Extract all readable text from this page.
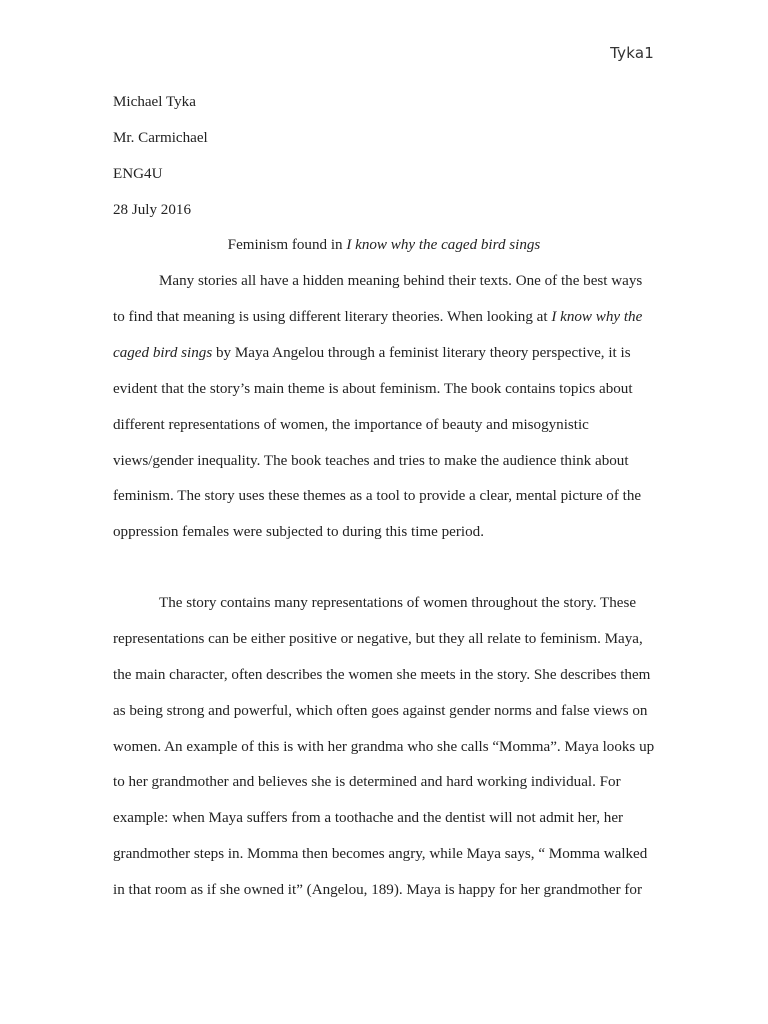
Tyka1
Michael Tyka
Mr. Carmichael
ENG4U
28 July 2016
Feminism found in I know why the caged bird sings
Many stories all have a hidden meaning behind their texts. One of the best ways
to find that meaning is using different literary theories. When looking at I know why the
caged bird sings by Maya Angelou through a feminist literary theory perspective, it is
evident that the story’s main theme is about feminism. The book contains topics about
different representations of women, the importance of beauty and misogynistic
views/gender inequality. The book teaches and tries to make the audience think about
feminism. The story uses these themes as a tool to provide a clear, mental picture of the
oppression females were subjected to during this time period.
The story contains many representations of women throughout the story. These
representations can be either positive or negative, but they all relate to feminism. Maya,
the main character, often describes the women she meets in the story. She describes them
as being strong and powerful, which often goes against gender norms and false views on
women. An example of this is with her grandma who she calls “Momma”. Maya looks up
to her grandmother and believes she is determined and hard working individual. For
example: when Maya suffers from a toothache and the dentist will not admit her, her
grandmother steps in. Momma then becomes angry, while Maya says, “ Momma walked
in that room as if she owned it” (Angelou, 189). Maya is happy for her grandmother for
